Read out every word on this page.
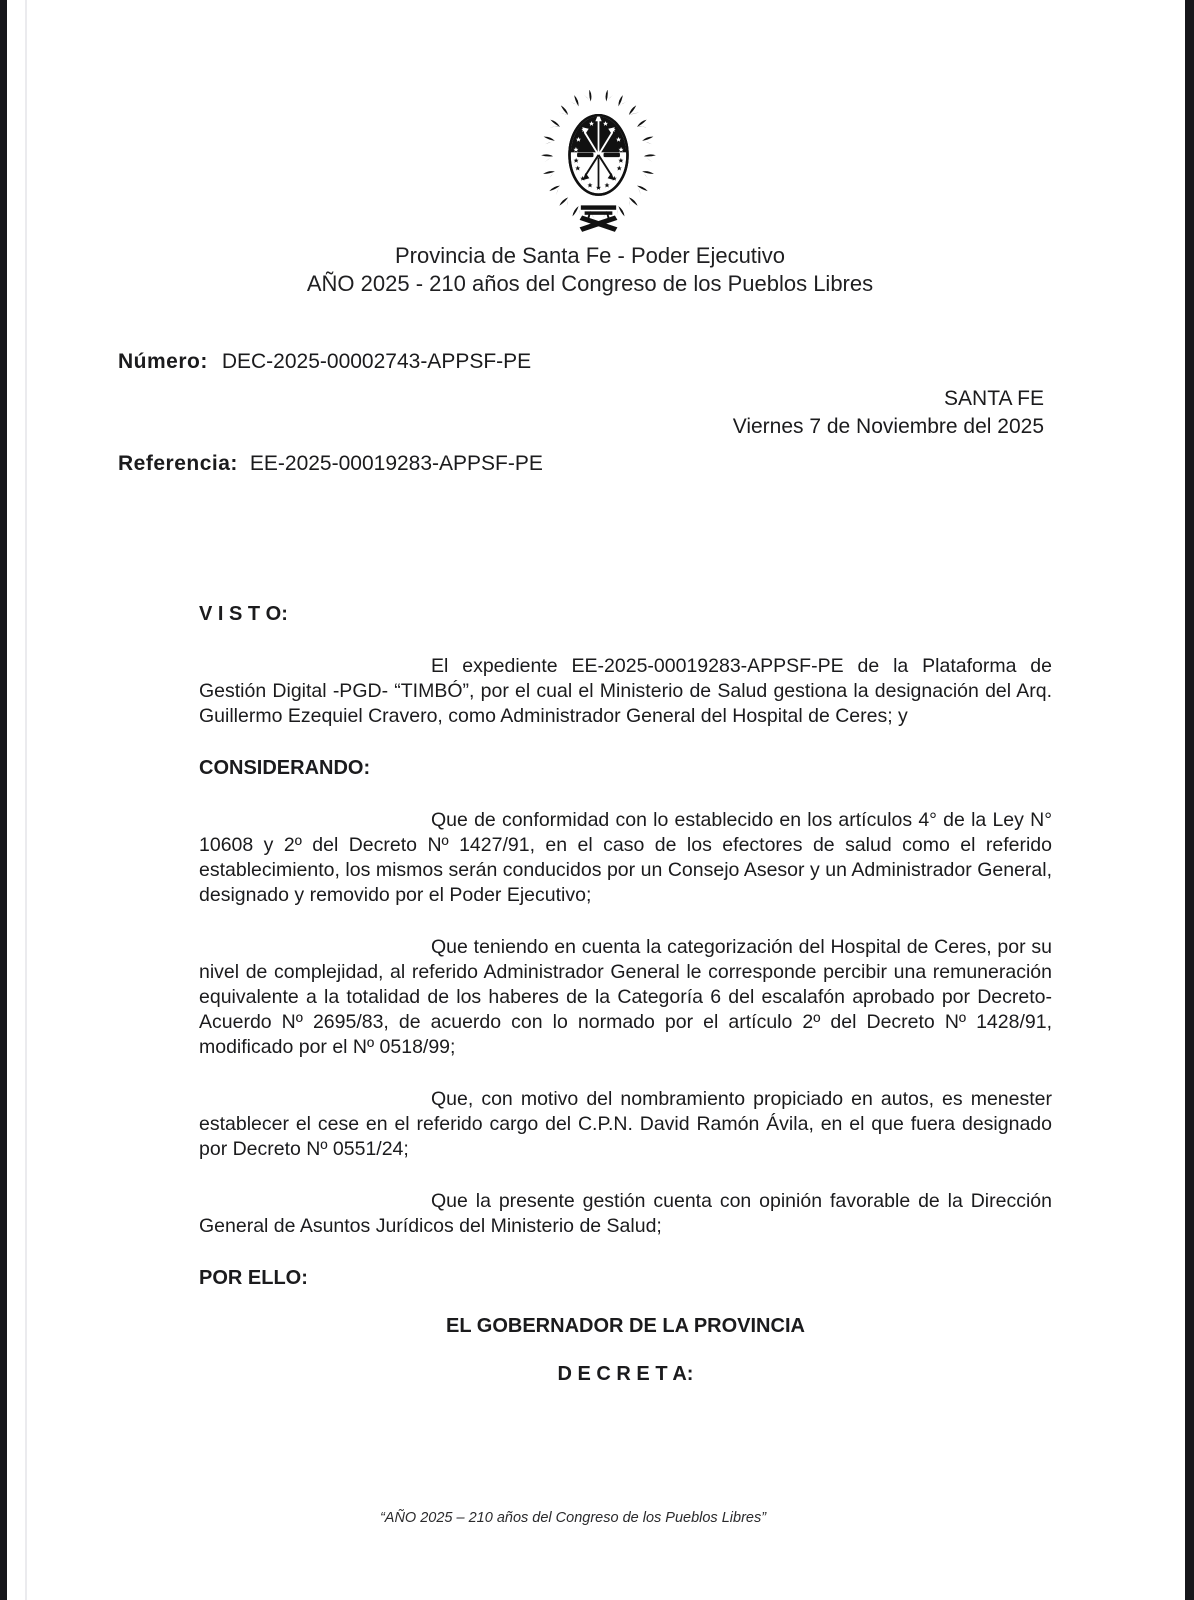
Provincia de Santa Fe - Poder Ejecutivo
AÑO 2025 - 210 años del Congreso de los Pueblos Libres
Número: DEC-2025-00002743-APPSF-PE
SANTA FE
Viernes 7 de Noviembre del 2025
Referencia: EE-2025-00019283-APPSF-PE
V I S T O:

El expediente EE-2025-00019283-APPSF-PE de la Plataforma de Gestión Digital -PGD- “TIMBÓ”, por el cual el Ministerio de Salud gestiona la designación del Arq. Guillermo Ezequiel Cravero, como Administrador General del Hospital de Ceres; y

CONSIDERANDO:

Que de conformidad con lo establecido en los artículos 4° de la Ley N° 10608 y 2º del Decreto Nº 1427/91, en el caso de los efectores de salud como el referido establecimiento, los mismos serán conducidos por un Consejo Asesor y un Administrador General, designado y removido por el Poder Ejecutivo;

Que teniendo en cuenta la categorización del Hospital de Ceres, por su nivel de complejidad, al referido Administrador General le corresponde percibir una remuneración equivalente a la totalidad de los haberes de la Categoría 6 del escalafón aprobado por Decreto-Acuerdo Nº 2695/83, de acuerdo con lo normado por el artículo 2º del Decreto Nº 1428/91, modificado por el Nº 0518/99;

Que, con motivo del nombramiento propiciado en autos, es menester establecer el cese en el referido cargo del C.P.N. David Ramón Ávila, en el que fuera designado por Decreto Nº 0551/24;

Que la presente gestión cuenta con opinión favorable de la Dirección General de Asuntos Jurídicos del Ministerio de Salud;

POR ELLO:
EL GOBERNADOR DE LA PROVINCIA
D E C R E T A:
“AÑO 2025 – 210 años del Congreso de los Pueblos Libres”
